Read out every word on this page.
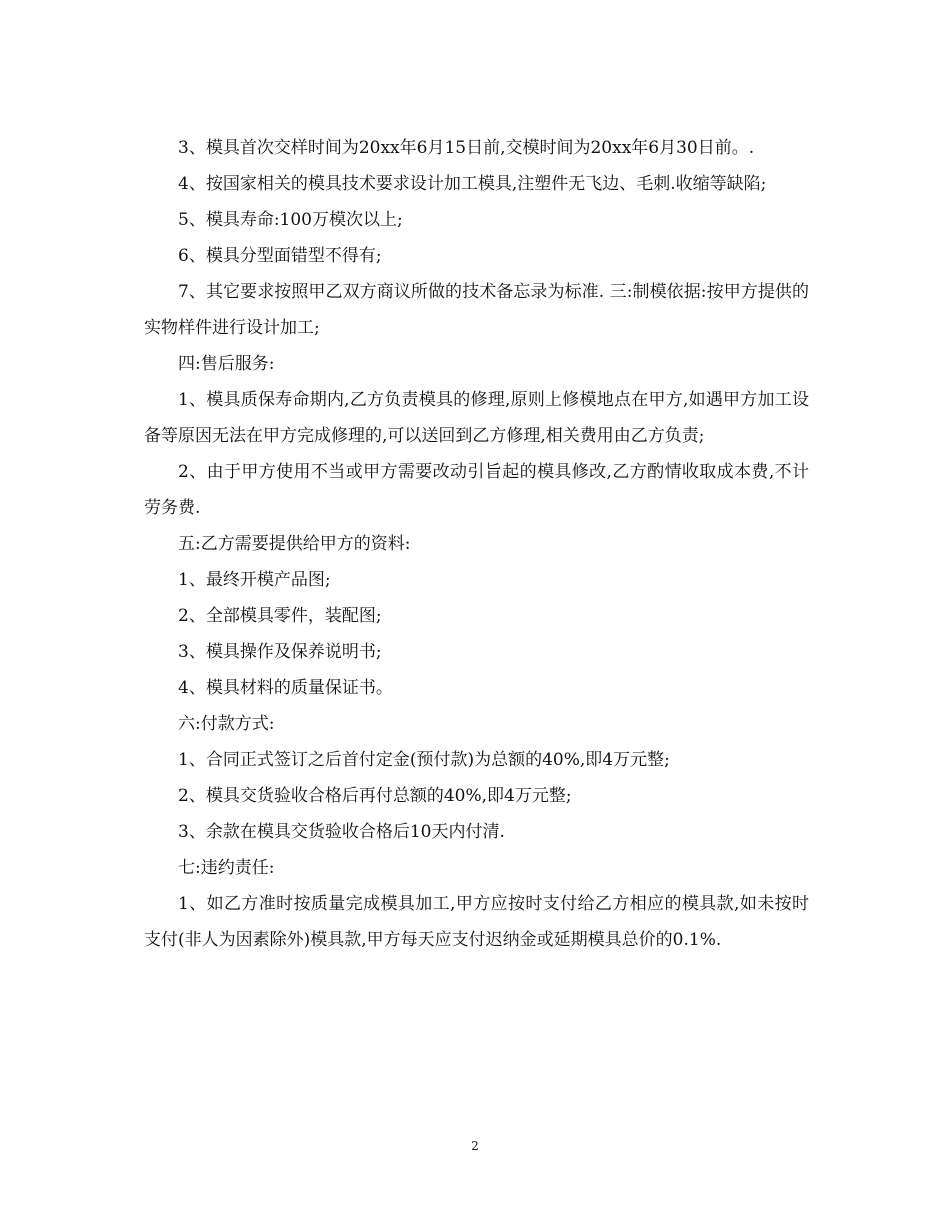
3、模具首次交样时间为20xx年6月15日前,交模时间为20xx年6月30日前。.

4、按国家相关的模具技术要求设计加工模具,注塑件无飞边、毛刺.收缩等缺陷;

5、模具寿命:100万模次以上;

6、模具分型面错型不得有;

7、其它要求按照甲乙双方商议所做的技术备忘录为标准. 三:制模依据:按甲方提供的实物样件进行设计加工;

四:售后服务:

1、模具质保寿命期内,乙方负责模具的修理,原则上修模地点在甲方,如遇甲方加工设备等原因无法在甲方完成修理的,可以送回到乙方修理,相关费用由乙方负责;

2、由于甲方使用不当或甲方需要改动引旨起的模具修改,乙方酌情收取成本费,不计劳务费.

五:乙方需要提供给甲方的资料:

1、最终开模产品图;

2、全部模具零件，装配图;

3、模具操作及保养说明书;

4、模具材料的质量保证书。

六:付款方式:

1、合同正式签订之后首付定金(预付款)为总额的40%,即4万元整;

2、模具交货验收合格后再付总额的40%,即4万元整;

3、余款在模具交货验收合格后10天内付清.

七:违约责任:

1、如乙方准时按质量完成模具加工,甲方应按时支付给乙方相应的模具款,如未按时支付(非人为因素除外)模具款,甲方每天应支付迟纳金或延期模具总价的0.1%.

2
